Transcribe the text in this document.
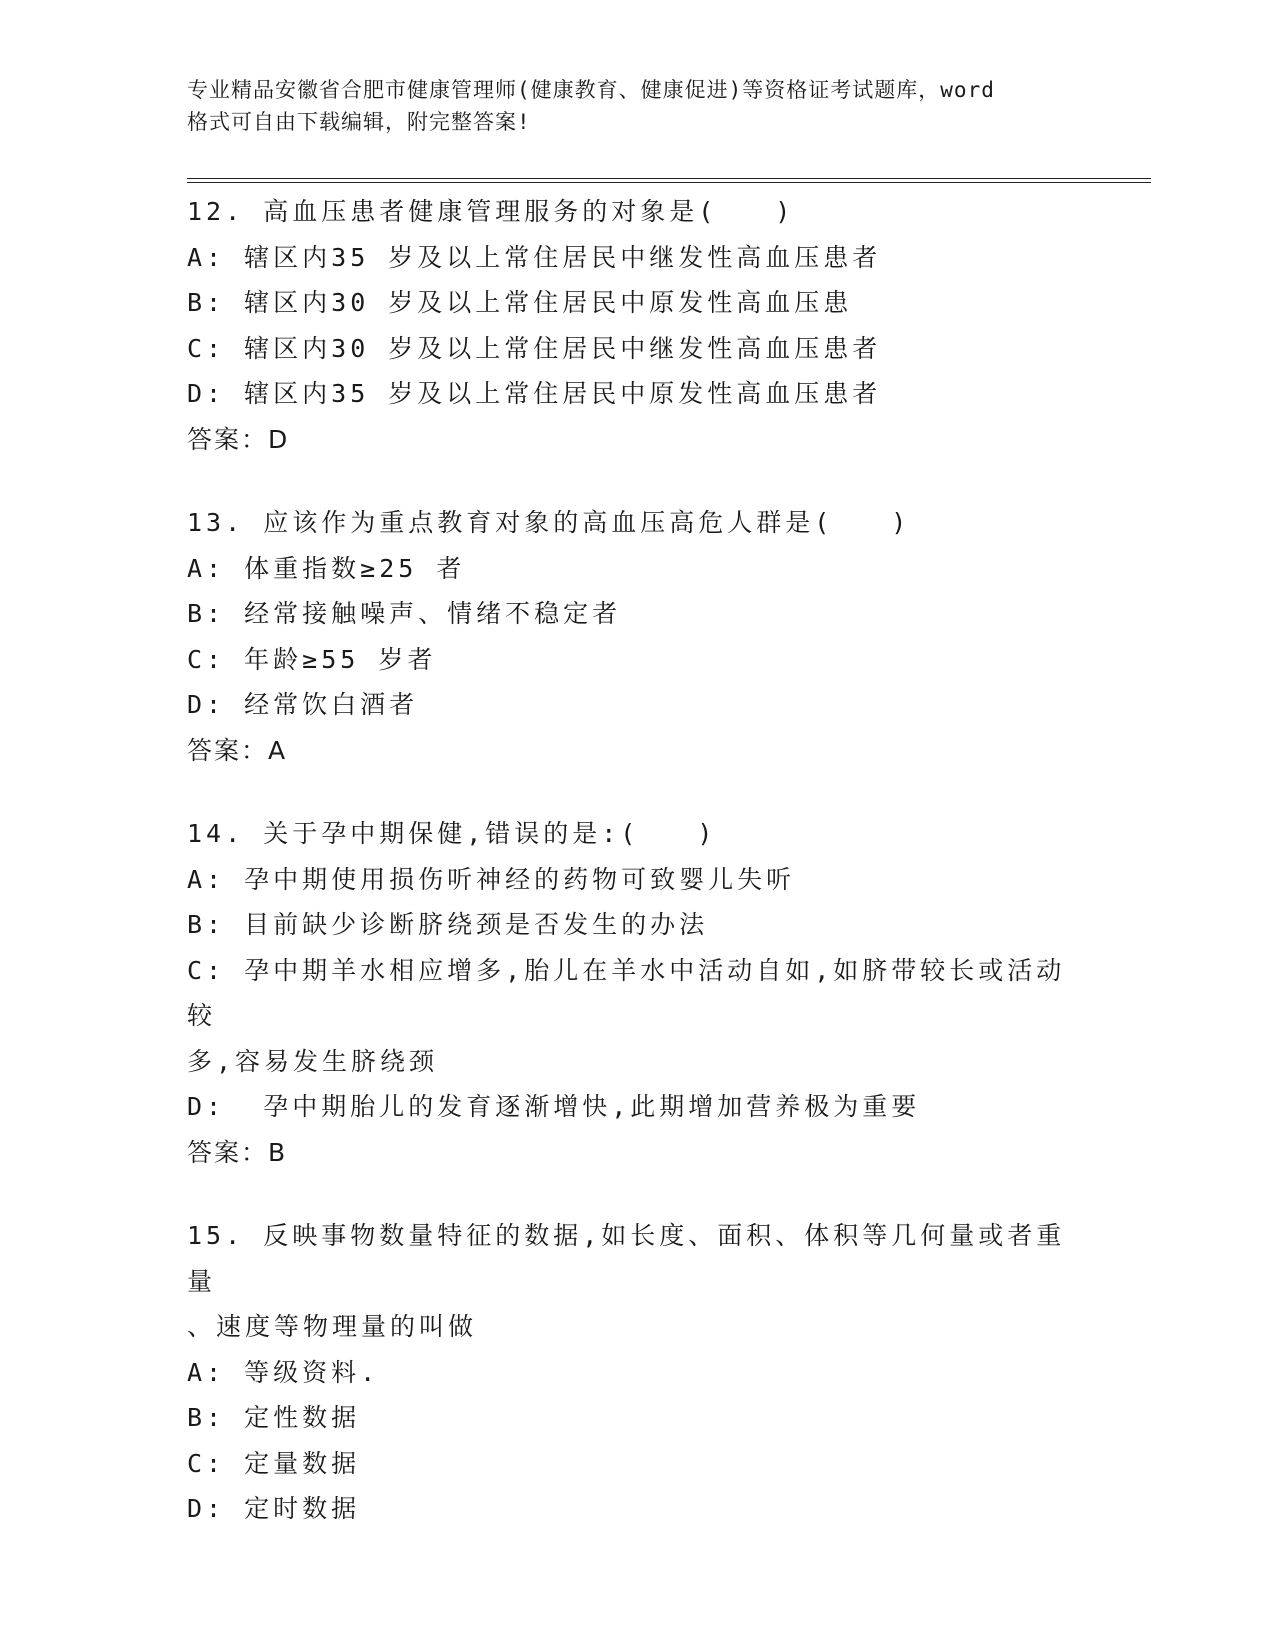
专业精品安徽省合肥市健康管理师(健康教育、健康促进)等资格证考试题库，word
格式可自由下载编辑，附完整答案!
12. 高血压患者健康管理服务的对象是(　　)
A: 辖区内35 岁及以上常住居民中继发性高血压患者
B: 辖区内30 岁及以上常住居民中原发性高血压患
C: 辖区内30 岁及以上常住居民中继发性高血压患者
D: 辖区内35 岁及以上常住居民中原发性高血压患者
答案：D
13. 应该作为重点教育对象的高血压高危人群是(　　)
A: 体重指数≥25 者
B: 经常接触噪声、情绪不稳定者
C: 年龄≥55 岁者
D: 经常饮白酒者
答案：A
14. 关于孕中期保健,错误的是:(　　)
A: 孕中期使用损伤听神经的药物可致婴儿失听
B: 目前缺少诊断脐绕颈是否发生的办法
C: 孕中期羊水相应增多,胎儿在羊水中活动自如,如脐带较长或活动较
多,容易发生脐绕颈
D:  孕中期胎儿的发育逐渐增快,此期增加营养极为重要
答案：B
15. 反映事物数量特征的数据,如长度、面积、体积等几何量或者重量
、速度等物理量的叫做
A: 等级资料.
B: 定性数据
C: 定量数据
D: 定时数据
